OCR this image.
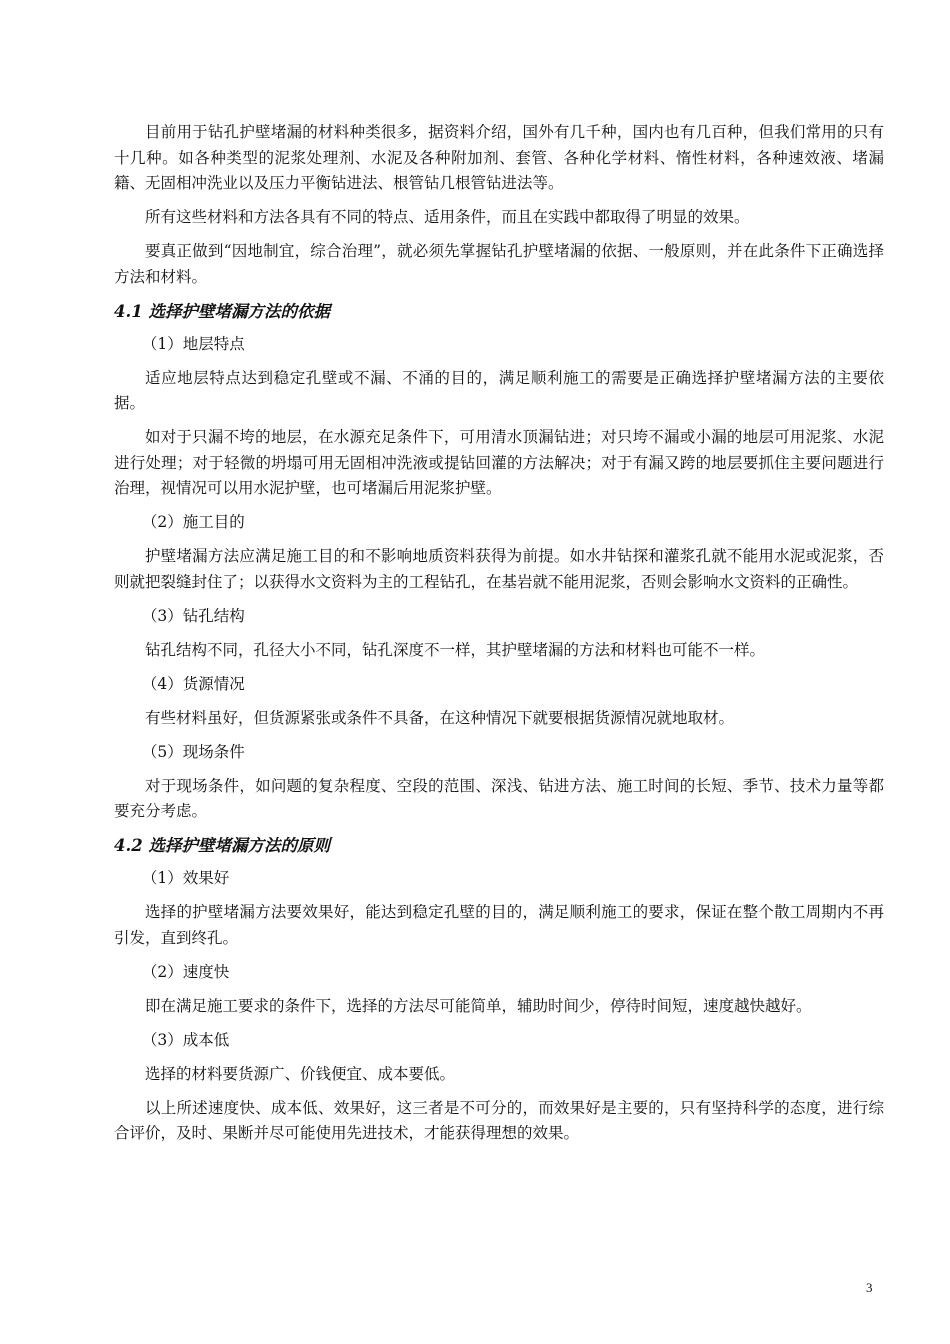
目前用于钻孔护壁堵漏的材料种类很多，据资料介绍，国外有几千种，国内也有几百种，但我们常用的只有十几种。如各种类型的泥浆处理剂、水泥及各种附加剂、套管、各种化学材料、惰性材料，各种速效液、堵漏籍、无固相冲洗业以及压力平衡钻进法、根管钻几根管钻进法等。

所有这些材料和方法各具有不同的特点、适用条件，而且在实践中都取得了明显的效果。

要真正做到“因地制宜，综合治理”，就必须先掌握钻孔护壁堵漏的依据、一般原则，并在此条件下正确选择方法和材料。

4.1 选择护壁堵漏方法的依据

（1）地层特点

适应地层特点达到稳定孔壁或不漏、不涌的目的，满足顺利施工的需要是正确选择护壁堵漏方法的主要依据。

如对于只漏不垮的地层，在水源充足条件下，可用清水顶漏钻进；对只垮不漏或小漏的地层可用泥浆、水泥进行处理；对于轻微的坍塌可用无固相冲洗液或提钻回灌的方法解决；对于有漏又跨的地层要抓住主要问题进行治理，视情况可以用水泥护壁，也可堵漏后用泥浆护壁。

（2）施工目的

护壁堵漏方法应满足施工目的和不影响地质资料获得为前提。如水井钻探和灌浆孔就不能用水泥或泥浆，否则就把裂缝封住了；以获得水文资料为主的工程钻孔，在基岩就不能用泥浆，否则会影响水文资料的正确性。

（3）钻孔结构

钻孔结构不同，孔径大小不同，钻孔深度不一样，其护壁堵漏的方法和材料也可能不一样。

（4）货源情况

有些材料虽好，但货源紧张或条件不具备，在这种情况下就要根据货源情况就地取材。

（5）现场条件

对于现场条件，如问题的复杂程度、空段的范围、深浅、钻进方法、施工时间的长短、季节、技术力量等都要充分考虑。

4.2 选择护壁堵漏方法的原则

（1）效果好

选择的护壁堵漏方法要效果好，能达到稳定孔壁的目的，满足顺利施工的要求，保证在整个散工周期内不再引发，直到终孔。

（2）速度快

即在满足施工要求的条件下，选择的方法尽可能简单，辅助时间少，停待时间短，速度越快越好。

（3）成本低

选择的材料要货源广、价钱便宜、成本要低。

以上所述速度快、成本低、效果好，这三者是不可分的，而效果好是主要的，只有坚持科学的态度，进行综合评价，及时、果断并尽可能使用先进技术，才能获得理想的效果。

3
